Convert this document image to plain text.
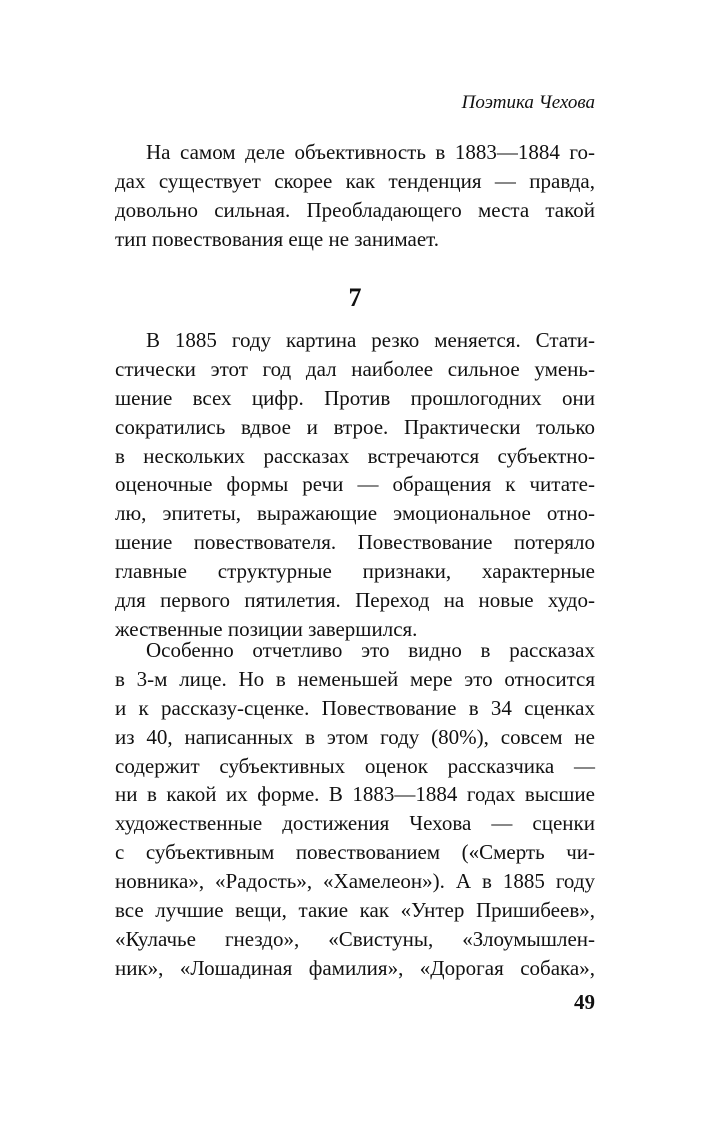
Поэтика Чехова
На самом деле объективность в 1883—1884 го-
дах существует скорее как тенденция — правда,
довольно сильная. Преобладающего места такой
тип повествования еще не занимает.
7
В 1885 году картина резко меняется. Стати-
стически этот год дал наиболее сильное умень-
шение всех цифр. Против прошлогодних они
сократились вдвое и втрое. Практически только
в нескольких рассказах встречаются субъектно-
оценочные формы речи — обращения к читате-
лю, эпитеты, выражающие эмоциональное отно-
шение повествователя. Повествование потеряло
главные структурные признаки, характерные
для первого пятилетия. Переход на новые худо-
жественные позиции завершился.
Особенно отчетливо это видно в рассказах
в 3-м лице. Но в неменьшей мере это относится
и к рассказу-сценке. Повествование в 34 сценках
из 40, написанных в этом году (80%), совсем не
содержит субъективных оценок рассказчика —
ни в какой их форме. В 1883—1884 годах высшие
художественные достижения Чехова — сценки
с субъективным повествованием («Смерть чи-
новника», «Радость», «Хамелеон»). А в 1885 году
все лучшие вещи, такие как «Унтер Пришибеев»,
«Кулачье гнездо», «Свистуны, «Злоумышлен-
ник», «Лошадиная фамилия», «Дорогая собака»,
49
